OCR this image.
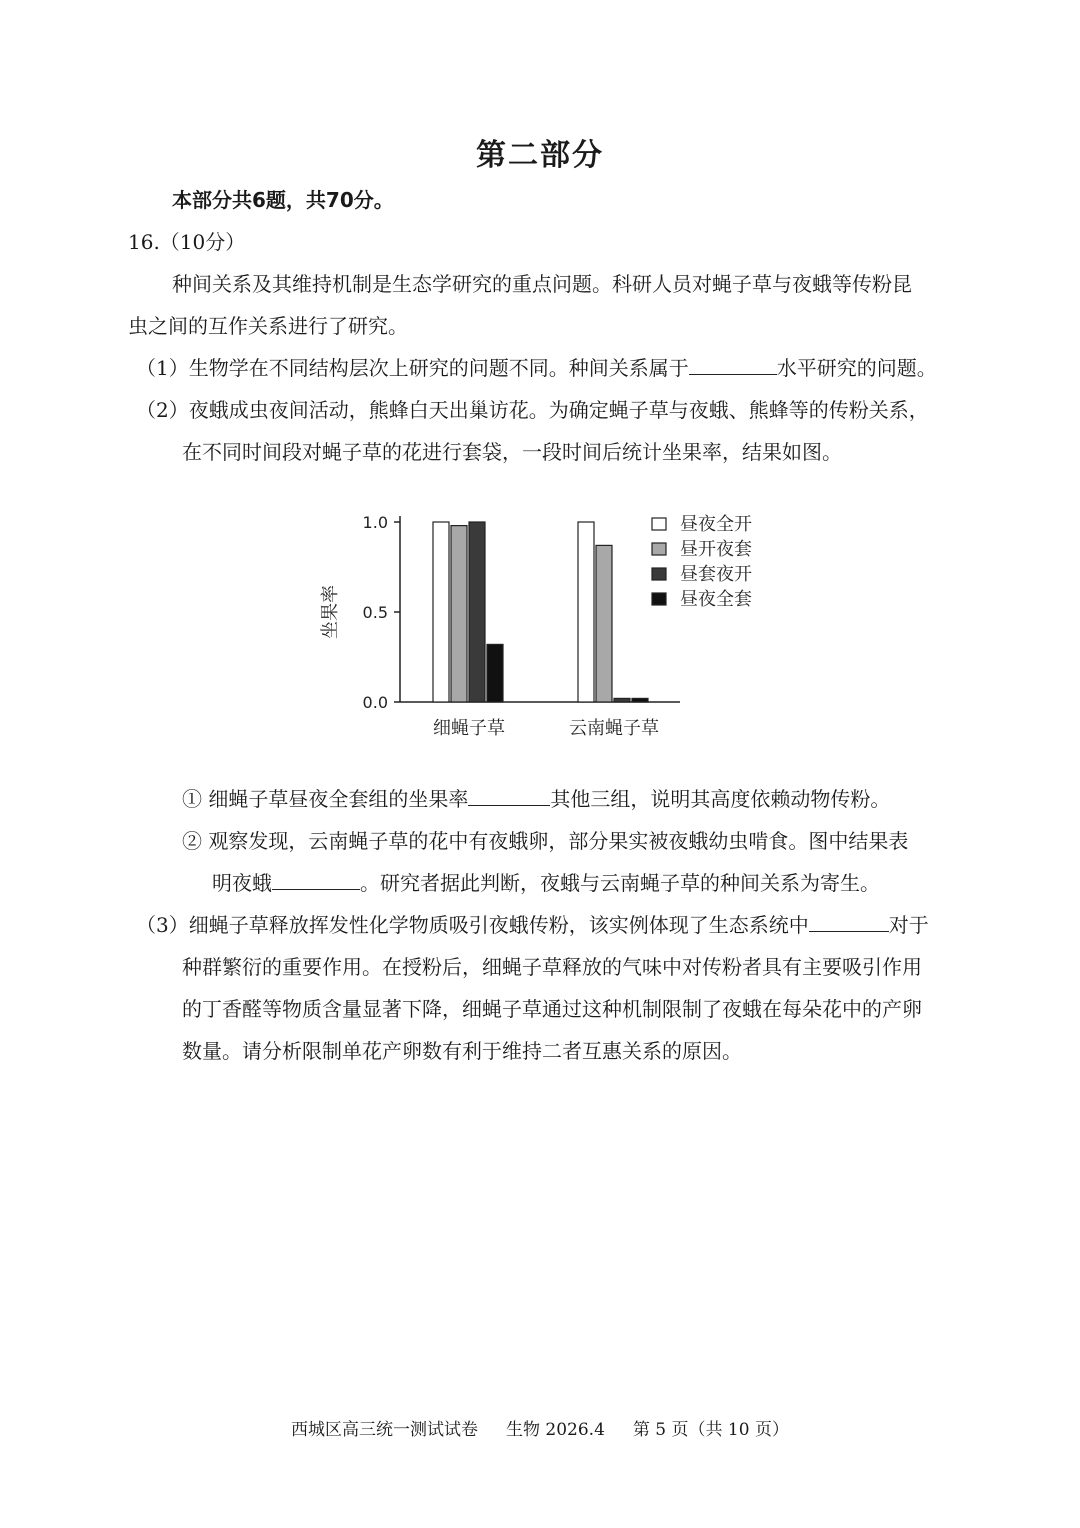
第二部分
本部分共6题，共70分。
16.（10分）
种间关系及其维持机制是生态学研究的重点问题。科研人员对蝇子草与夜蛾等传粉昆
虫之间的互作关系进行了研究。
（1）生物学在不同结构层次上研究的问题不同。种间关系属于	水平研究的问题。
（2）夜蛾成虫夜间活动，熊蜂白天出巢访花。为确定蝇子草与夜蛾、熊蜂等的传粉关系，
在不同时间段对蝇子草的花进行套袋，一段时间后统计坐果率，结果如图。
1.0
0.5
0.0
坐果率
细蝇子草	云南蝇子草
昼夜全开
昼开夜套
昼套夜开
昼夜全套
① 细蝇子草昼夜全套组的坐果率	其他三组，说明其高度依赖动物传粉。
② 观察发现，云南蝇子草的花中有夜蛾卵，部分果实被夜蛾幼虫啃食。图中结果表
明夜蛾	。研究者据此判断，夜蛾与云南蝇子草的种间关系为寄生。
（3）细蝇子草释放挥发性化学物质吸引夜蛾传粉，该实例体现了生态系统中	对于
种群繁衍的重要作用。在授粉后，细蝇子草释放的气味中对传粉者具有主要吸引作用
的丁香醛等物质含量显著下降，细蝇子草通过这种机制限制了夜蛾在每朵花中的产卵
数量。请分析限制单花产卵数有利于维持二者互惠关系的原因。
西城区高三统一测试试卷 生物 2026.4 第 5 页（共 10 页）
